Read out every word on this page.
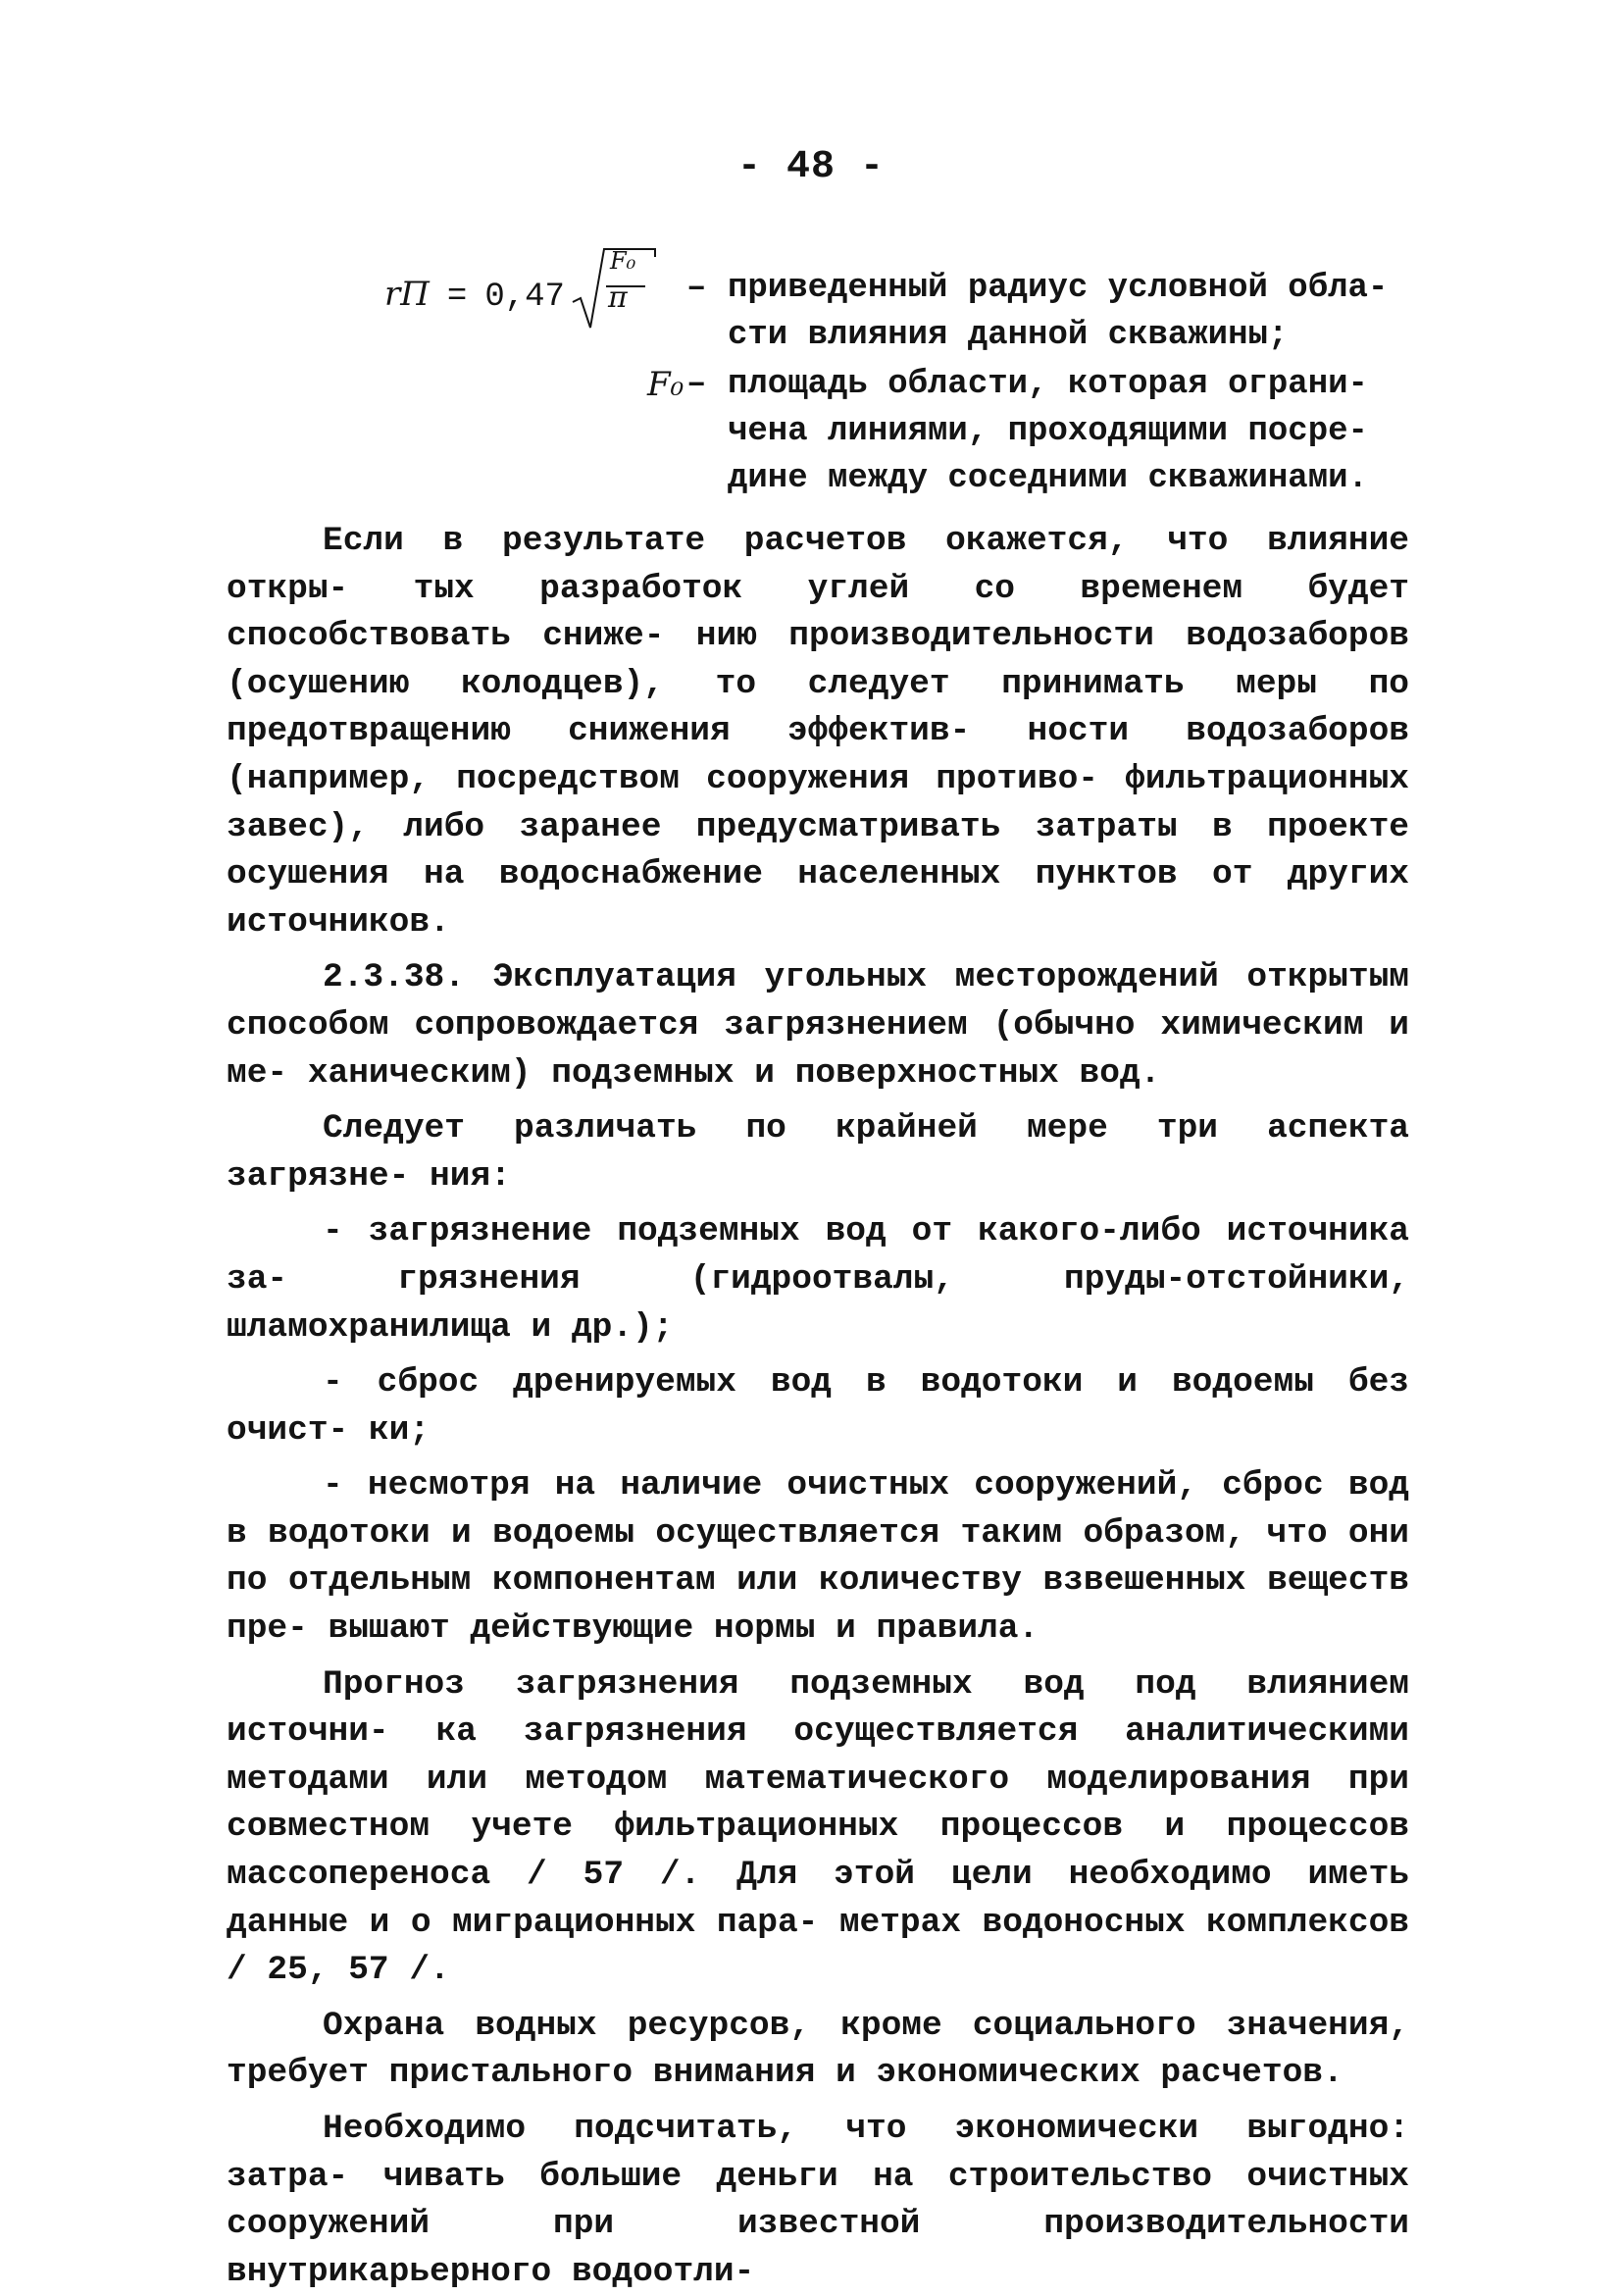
- 48 -
rП = 0,47
F₀
π – приведенный радиус условной обла-
сти влияния данной скважины;
F₀ – площадь области, которая ограни-
чена линиями, проходящими посре-
дине между соседними скважинами.

Если в результате расчетов окажется, что влияние откры- тых разработок углей со временем будет способствовать сниже- нию производительности водозаборов (осушению колодцев), то следует принимать меры по предотвращению снижения эффектив- ности водозаборов (например, посредством сооружения противо- фильтрационных завес), либо заранее предусматривать затраты в проекте осушения на водоснабжение населенных пунктов от других источников.

2.3.38. Эксплуатация угольных месторождений открытым способом сопровождается загрязнением (обычно химическим и ме- ханическим) подземных и поверхностных вод.

Следует различать по крайней мере три аспекта загрязне- ния:

- загрязнение подземных вод от какого-либо источника за- грязнения (гидроотвалы, пруды-отстойники, шламохранилища и др.);

- сброс дренируемых вод в водотоки и водоемы без очист- ки;

- несмотря на наличие очистных сооружений, сброс вод в водотоки и водоемы осуществляется таким образом, что они по отдельным компонентам или количеству взвешенных веществ пре- вышают действующие нормы и правила.

Прогноз загрязнения подземных вод под влиянием источни- ка загрязнения осуществляется аналитическими методами или методом математического моделирования при совместном учете фильтрационных процессов и процессов массопереноса / 57 /. Для этой цели необходимо иметь данные и о миграционных пара- метрах водоносных комплексов / 25, 57 /.

Охрана водных ресурсов, кроме социального значения, требует пристального внимания и экономических расчетов.

Необходимо подсчитать, что экономически выгодно: затра- чивать большие деньги на строительство очистных сооружений при известной производительности внутрикарьерного водоотли-
